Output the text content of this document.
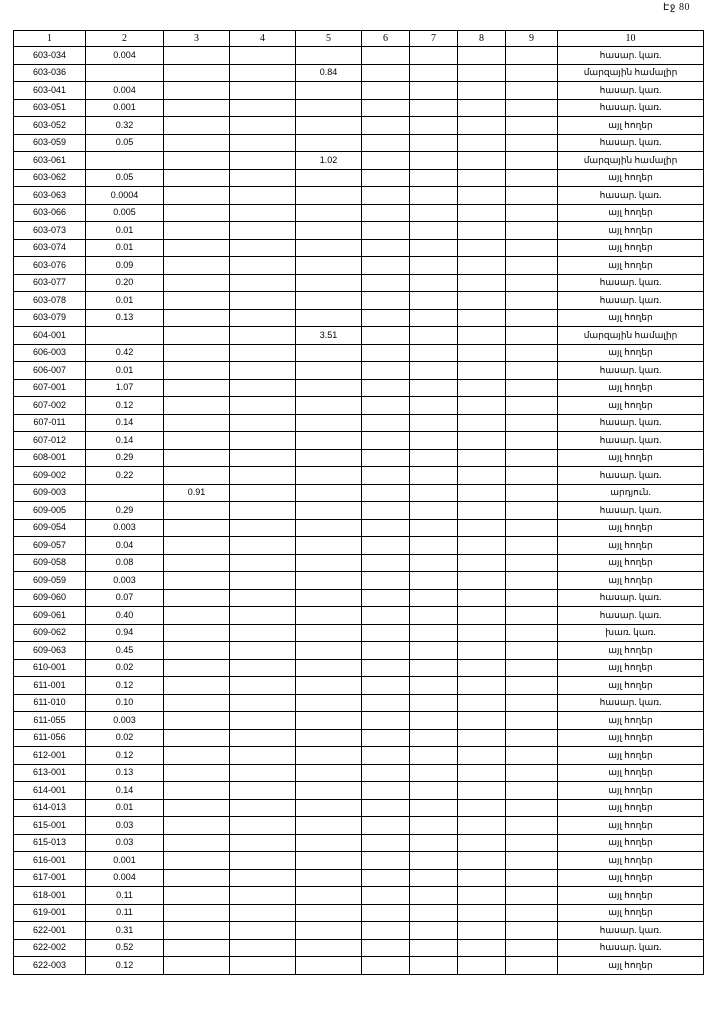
Էջ 80
1	2	3	4	5	6	7	8	9	10
603-034	0.004								հասար. կառ.
603-036				0.84					մարզային համալիր
603-041	0.004								հասար. կառ.
603-051	0.001								հասար. կառ.
603-052	0.32								այլ հողեր
603-059	0.05								հասար. կառ.
603-061				1.02					մարզային համալիր
603-062	0.05								այլ հողեր
603-063	0.0004								հասար. կառ.
603-066	0.005								այլ հողեր
603-073	0.01								այլ հողեր
603-074	0.01								այլ հողեր
603-076	0.09								այլ հողեր
603-077	0.20								հասար. կառ.
603-078	0.01								հասար. կառ.
603-079	0.13								այլ հողեր
604-001				3.51					մարզային համալիր
606-003	0.42								այլ հողեր
606-007	0.01								հասար. կառ.
607-001	1.07								այլ հողեր
607-002	0.12								այլ հողեր
607-011	0.14								հասար. կառ.
607-012	0.14								հասար. կառ.
608-001	0.29								այլ հողեր
609-002	0.22								հասար. կառ.
609-003		0.91							արդյուն.
609-005	0.29								հասար. կառ.
609-054	0.003								այլ հողեր
609-057	0.04								այլ հողեր
609-058	0.08								այլ հողեր
609-059	0.003								այլ հողեր
609-060	0.07								հասար. կառ.
609-061	0.40								հասար. կառ.
609-062	0.94								խառ. կառ.
609-063	0.45								այլ հողեր
610-001	0.02								այլ հողեր
611-001	0.12								այլ հողեր
611-010	0.10								հասար. կառ.
611-055	0.003								այլ հողեր
611-056	0.02								այլ հողեր
612-001	0.12								այլ հողեր
613-001	0.13								այլ հողեր
614-001	0.14								այլ հողեր
614-013	0.01								այլ հողեր
615-001	0.03								այլ հողեր
615-013	0.03								այլ հողեր
616-001	0.001								այլ հողեր
617-001	0.004								այլ հողեր
618-001	0.11								այլ հողեր
619-001	0.11								այլ հողեր
622-001	0.31								հասար. կառ.
622-002	0.52								հասար. կառ.
622-003	0.12								այլ հողեր
